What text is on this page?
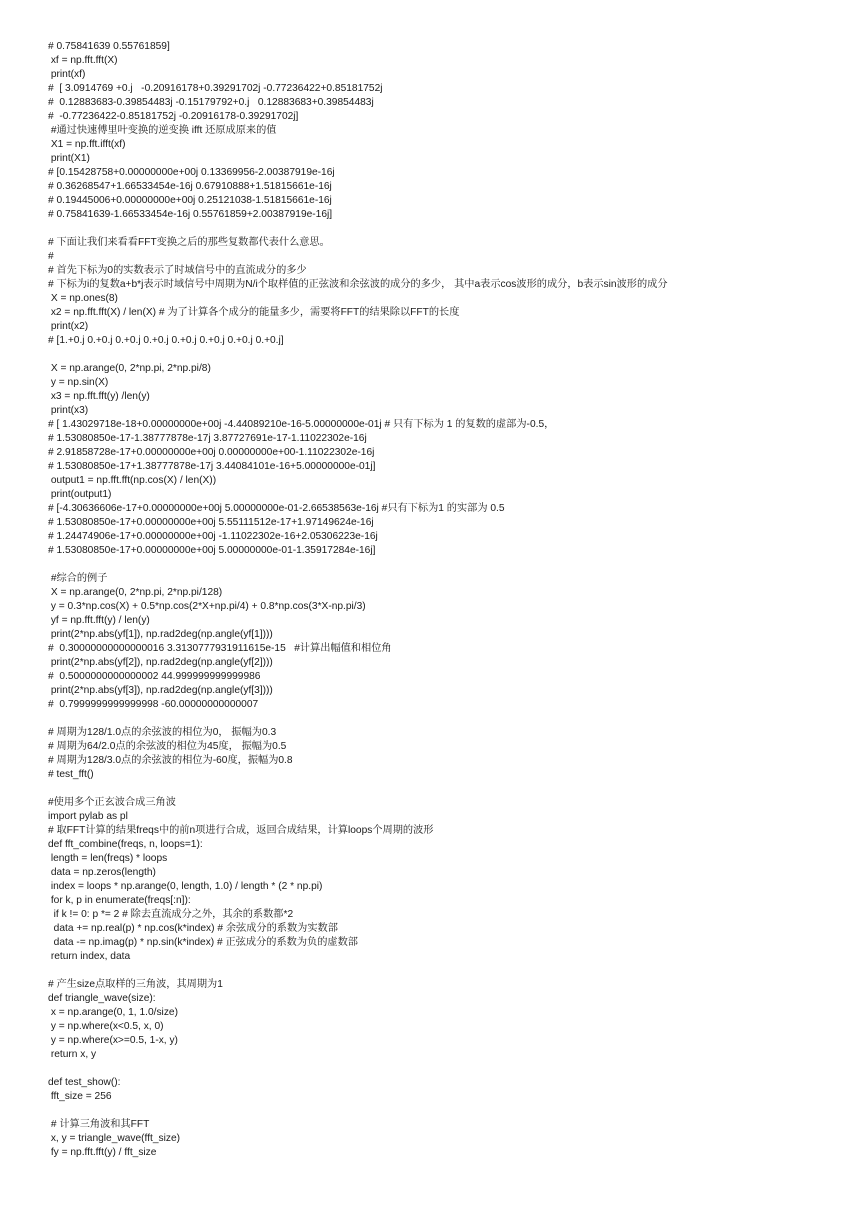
# 0.75841639 0.55761859]
xf = np.fft.fft(X)
print(xf)
#  [ 3.0914769 +0.j   -0.20916178+0.39291702j -0.77236422+0.85181752j
#  0.12883683-0.39854483j -0.15179792+0.j   0.12883683+0.39854483j
#  -0.77236422-0.85181752j -0.20916178-0.39291702j]
#通过快速傅里叶变换的逆变换 ifft 还原成原来的值
X1 = np.fft.ifft(xf)
print(X1)
# [0.15428758+0.00000000e+00j 0.13369956-2.00387919e-16j
# 0.36268547+1.66533454e-16j 0.67910888+1.51815661e-16j
# 0.19445006+0.00000000e+00j 0.25121038-1.51815661e-16j
# 0.75841639-1.66533454e-16j 0.55761859+2.00387919e-16j]
# 下面让我们来看看FFT变换之后的那些复数都代表什么意思。
#
# 首先下标为0的实数表示了时域信号中的直流成分的多少
# 下标为i的复数a+b*j表示时域信号中周期为N/i个取样值的正弦波和余弦波的成分的多少， 其中a表示cos波形的成分，b表示sin波形的成分
X = np.ones(8)
x2 = np.fft.fft(X) / len(X) # 为了计算各个成分的能量多少，需要将FFT的结果除以FFT的长度
print(x2)
# [1.+0.j 0.+0.j 0.+0.j 0.+0.j 0.+0.j 0.+0.j 0.+0.j 0.+0.j]
X = np.arange(0, 2*np.pi, 2*np.pi/8)
y = np.sin(X)
x3 = np.fft.fft(y) /len(y)
print(x3)
# [ 1.43029718e-18+0.00000000e+00j -4.44089210e-16-5.00000000e-01j # 只有下标为 1 的复数的虚部为-0.5，
# 1.53080850e-17-1.38777878e-17j 3.87727691e-17-1.11022302e-16j
# 2.91858728e-17+0.00000000e+00j 0.00000000e+00-1.11022302e-16j
# 1.53080850e-17+1.38777878e-17j 3.44084101e-16+5.00000000e-01j]
output1 = np.fft.fft(np.cos(X) / len(X))
print(output1)
# [-4.30636606e-17+0.00000000e+00j 5.00000000e-01-2.66538563e-16j #只有下标为1 的实部为 0.5
# 1.53080850e-17+0.00000000e+00j 5.55111512e-17+1.97149624e-16j
# 1.24474906e-17+0.00000000e+00j -1.11022302e-16+2.05306223e-16j
# 1.53080850e-17+0.00000000e+00j 5.00000000e-01-1.35917284e-16j]
#综合的例子
X = np.arange(0, 2*np.pi, 2*np.pi/128)
y = 0.3*np.cos(X) + 0.5*np.cos(2*X+np.pi/4) + 0.8*np.cos(3*X-np.pi/3)
yf = np.fft.fft(y) / len(y)
print(2*np.abs(yf[1]), np.rad2deg(np.angle(yf[1])))
#  0.30000000000000016 3.3130777931911615e-15   #计算出幅值和相位角
print(2*np.abs(yf[2]), np.rad2deg(np.angle(yf[2])))
#  0.5000000000000002 44.999999999999986
print(2*np.abs(yf[3]), np.rad2deg(np.angle(yf[3])))
#  0.7999999999999998 -60.00000000000007
# 周期为128/1.0点的余弦波的相位为0， 振幅为0.3
# 周期为64/2.0点的余弦波的相位为45度， 振幅为0.5
# 周期为128/3.0点的余弦波的相位为-60度，振幅为0.8
# test_fft()
#使用多个正玄波合成三角波
import pylab as pl
# 取FFT计算的结果freqs中的前n项进行合成，返回合成结果，计算loops个周期的波形
def fft_combine(freqs, n, loops=1):
length = len(freqs) * loops
data = np.zeros(length)
index = loops * np.arange(0, length, 1.0) / length * (2 * np.pi)
for k, p in enumerate(freqs[:n]):
if k != 0: p *= 2 # 除去直流成分之外，其余的系数都*2
data += np.real(p) * np.cos(k*index) # 余弦成分的系数为实数部
data -= np.imag(p) * np.sin(k*index) # 正弦成分的系数为负的虚数部
return index, data
# 产生size点取样的三角波，其周期为1
def triangle_wave(size):
x = np.arange(0, 1, 1.0/size)
y = np.where(x<0.5, x, 0)
y = np.where(x>=0.5, 1-x, y)
return x, y
def test_show():
fft_size = 256
# 计算三角波和其FFT
x, y = triangle_wave(fft_size)
fy = np.fft.fft(y) / fft_size
